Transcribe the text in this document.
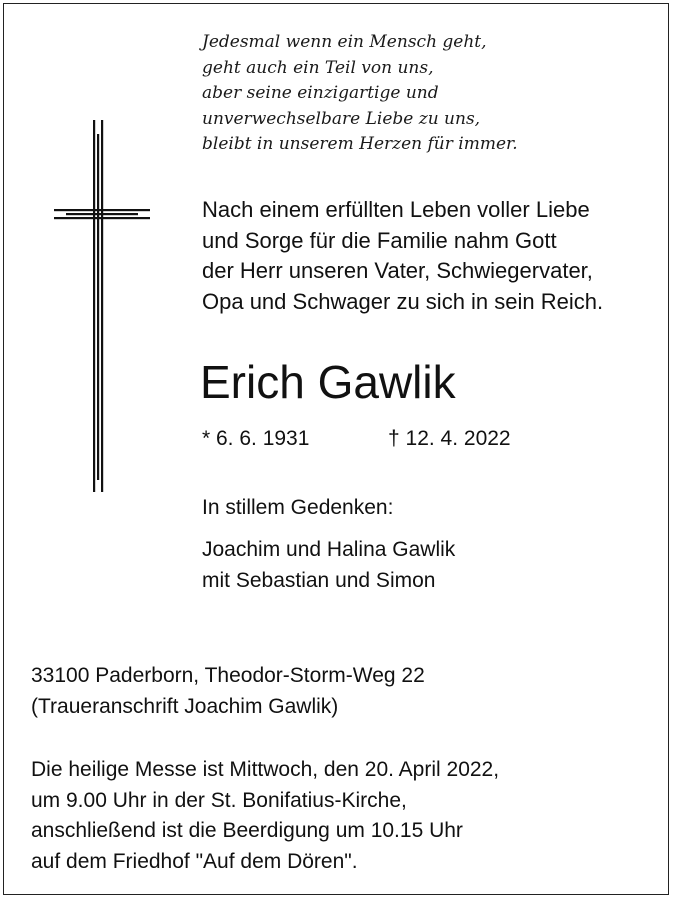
Jedesmal wenn ein Mensch geht,
geht auch ein Teil von uns,
aber seine einzigartige und
unverwechselbare Liebe zu uns,
bleibt in unserem Herzen für immer.
Nach einem erfüllten Leben voller Liebe
und Sorge für die Familie nahm Gott
der Herr unseren Vater, Schwiegervater,
Opa und Schwager zu sich in sein Reich.
Erich Gawlik
* 6. 6. 1931	† 12. 4. 2022
In stillem Gedenken:
Joachim und Halina Gawlik
mit Sebastian und Simon
33100 Paderborn, Theodor-Storm-Weg 22
(Traueranschrift Joachim Gawlik)
Die heilige Messe ist Mittwoch, den 20. April 2022,
um 9.00 Uhr in der St. Bonifatius-Kirche,
anschließend ist die Beerdigung um 10.15 Uhr
auf dem Friedhof "Auf dem Dören".
